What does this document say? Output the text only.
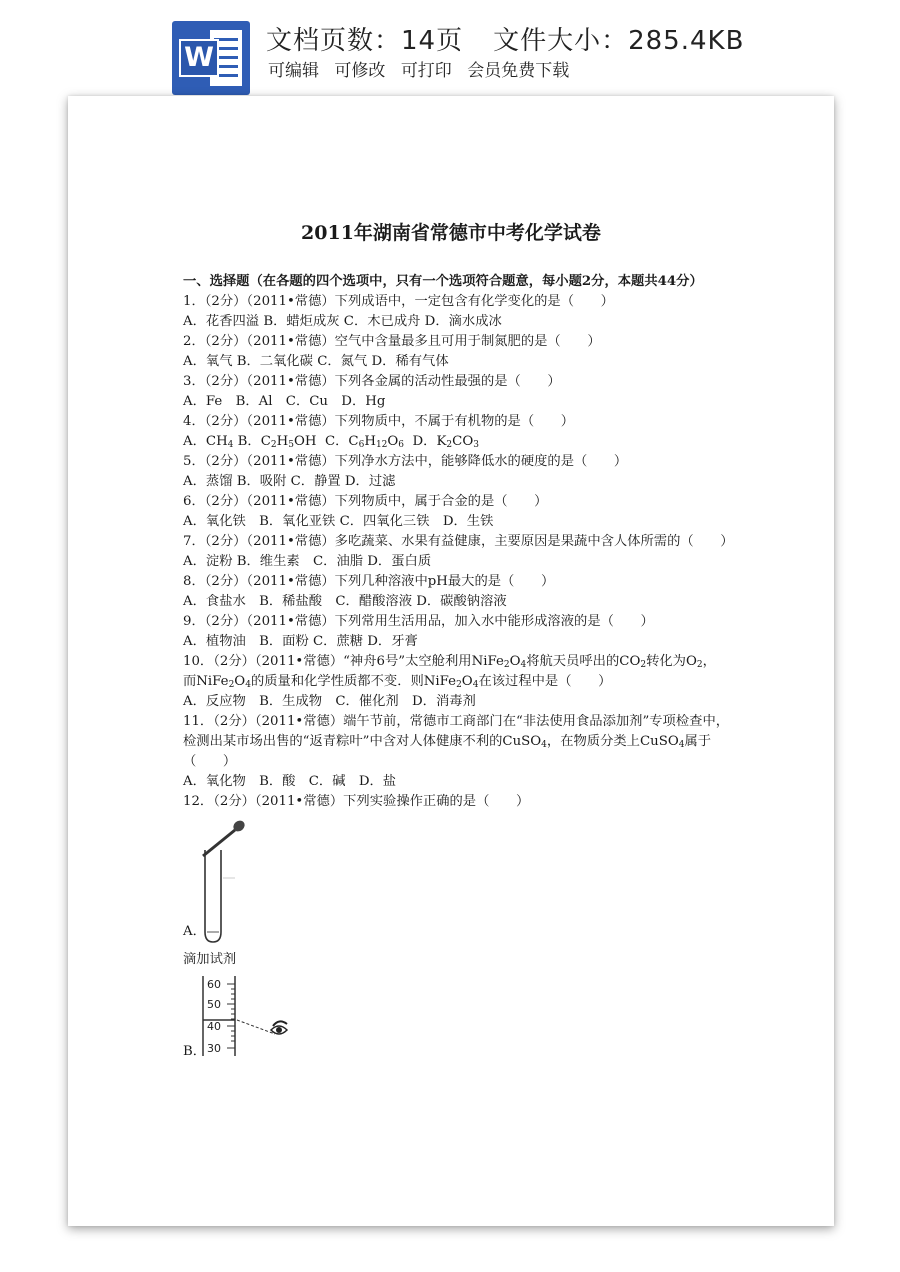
W
文档页数：14页 文件大小：285.4KB
可编辑 可修改 可打印 会员免费下载
2011年湖南省常德市中考化学试卷
一、选择题（在各题的四个选项中，只有一个选项符合题意，每小题2分，本题共44分）
1．（2分）（2011•常德）下列成语中，一定包含有化学变化的是（　　）
A．花香四溢 B．蜡炬成灰 C．木已成舟 D．滴水成冰
2．（2分）（2011•常德）空气中含量最多且可用于制氮肥的是（　　）
A．氧气 B．二氧化碳 C．氮气 D．稀有气体
3．（2分）（2011•常德）下列各金属的活动性最强的是（　　）
A．Fe　B．Al　C．Cu　D．Hg
4．（2分）（2011•常德）下列物质中，不属于有机物的是（　　）
A．$CH_4$ B．$C_2H_5OH$ C．$C_6H_{12}O_6$ D．$K_2CO_3$
5．（2分）（2011•常德）下列净水方法中，能够降低水的硬度的是（　　）
A．蒸馏 B．吸附 C．静置 D．过滤
6．（2分）（2011•常德）下列物质中，属于合金的是（　　）
A．氧化铁　B．氧化亚铁 C．四氧化三铁　D．生铁
7．（2分）（2011•常德）多吃蔬菜、水果有益健康，主要原因是果蔬中含人体所需的（　　）
A．淀粉 B．维生素　C．油脂 D．蛋白质
8．（2分）（2011•常德）下列几种溶液中pH最大的是（　　）
A．食盐水　B．稀盐酸　C．醋酸溶液 D．碳酸钠溶液
9．（2分）（2011•常德）下列常用生活用品，加入水中能形成溶液的是（　　）
A．植物油　B．面粉 C．蔗糖 D．牙膏
10．（2分）（2011•常德）“神舟6号”太空舱利用$NiFe_2O_4$将航天员呼出的$CO_2$转化为$O_2$，
而$NiFe_2O_4$的质量和化学性质都不变．则$NiFe_2O_4$在该过程中是（　　）
A．反应物　B．生成物　C．催化剂　D．消毒剂
11．（2分）（2011•常德）端午节前，常德市工商部门在“非法使用食品添加剂”专项检查中，
检测出某市场出售的“返青粽叶”中含对人体健康不利的CuSO$_4$，在物质分类上CuSO$_4$属于
（　　）
A．氧化物　B．酸　C．碱　D．盐
12．（2分）（2011•常德）下列实验操作正确的是（　　）
A．
滴加试剂
60
50
40
30
B．
